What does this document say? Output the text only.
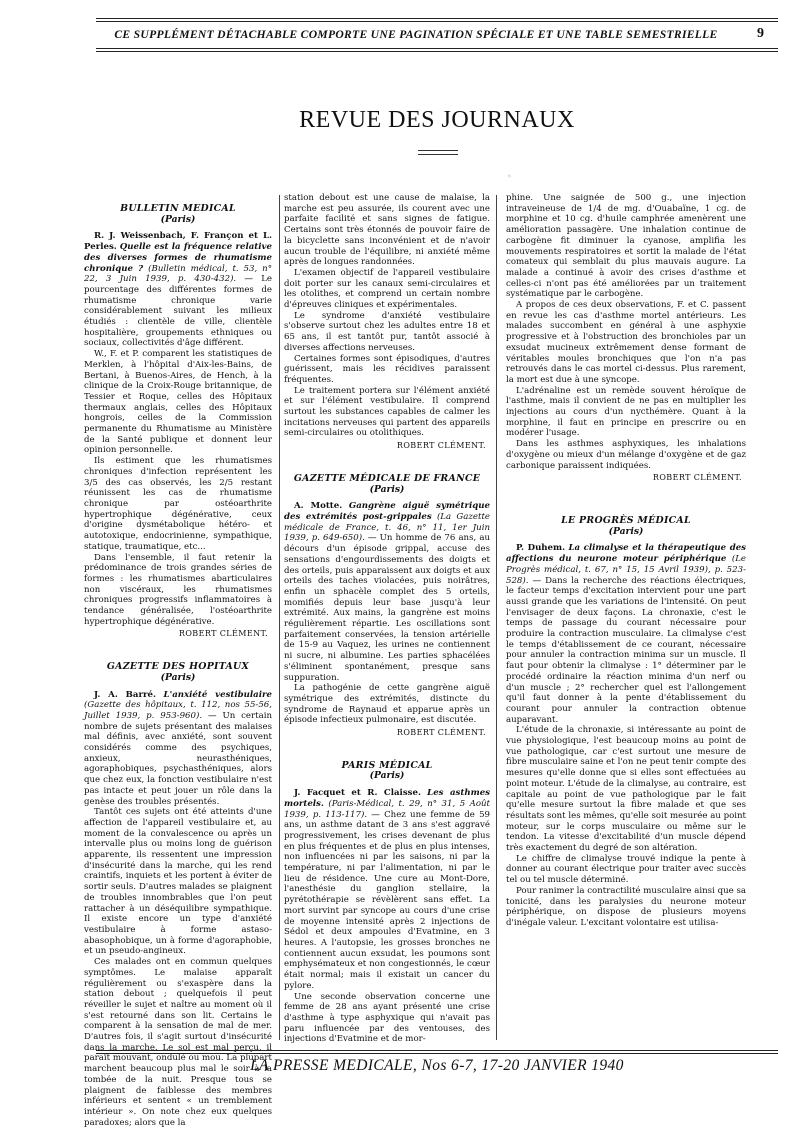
CE SUPPLÉMENT DÉTACHABLE COMPORTE UNE PAGINATION SPÉCIALE ET UNE TABLE SEMESTRIELLE	9
REVUE DES JOURNAUX
◦
BULLETIN MEDICAL
(Paris)

R. J. Weissenbach, F. Françon et L. Perles. Quelle est la fréquence relative des diverses formes de rhumatisme chronique ? (Bulletin médical, t. 53, n° 22, 3 Juin 1939, p. 430-432). — Le pourcentage des différentes formes de rhumatisme chronique varie considérablement suivant les milieux étudiés : clientèle de ville, clientèle hospitalière, groupements ethniques ou sociaux, collectivités d'âge différent.

W., F. et P. comparent les statistiques de Merklen, à l'hôpital d'Aix-les-Bains, de Bertani, à Buenos-Aires, de Hench, à la clinique de la Croix-Rouge britannique, de Tessier et Roque, celles des Hôpitaux thermaux anglais, celles des Hôpitaux hongrois, celles de la Commission permanente du Rhumatisme au Ministère de la Santé publique et donnent leur opinion personnelle.

Ils estiment que les rhumatismes chroniques d'infection représentent les 3/5 des cas observés, les 2/5 restant réunissent les cas de rhumatisme chronique par ostéoarthrite hypertrophique dégénérative, ceux d'origine dysmétabolique hétéro- et autotoxique, endocrinienne, sympathique, statique, traumatique, etc...

Dans l'ensemble, il faut retenir la prédominance de trois grandes séries de formes : les rhumatismes abarticulaires non viscéraux, les rhumatismes chroniques progressifs inflammatoires à tendance généralisée, l'ostéoarthrite hypertrophique dégénérative.

ROBERT CLÉMENT.
GAZETTE DES HOPITAUX
(Paris)

J. A. Barré. L'anxiété vestibulaire (Gazette des hôpitaux, t. 112, nos 55-56, Juillet 1939, p. 953-960). — Un certain nombre de sujets présentant des malaises mal définis, avec anxiété, sont souvent considérés comme des psychiques, anxieux, neurasthéniques, agoraphobiques, psychasthéniques, alors que chez eux, la fonction vestibulaire n'est pas intacte et peut jouer un rôle dans la genèse des troubles présentés.

Tantôt ces sujets ont été atteints d'une affection de l'appareil vestibulaire et, au moment de la convalescence ou après un intervalle plus ou moins long de guérison apparente, ils ressentent une impression d'insécurité dans la marche, qui les rend craintifs, inquiets et les portent à éviter de sortir seuls. D'autres malades se plaignent de troubles innombrables que l'on peut rattacher à un déséquilibre sympathique. Il existe encore un type d'anxiété vestibulaire à forme astaso-abasophobique, un à forme d'agoraphobie, et un pseudo-angineux.

Ces malades ont en commun quelques symptômes. Le malaise apparaît régulièrement ou s'exaspère dans la station debout ; quelquefois il peut réveiller le sujet et naître au moment où il s'est retourné dans son lit. Certains le comparent à la sensation de mal de mer. D'autres fois, il s'agit surtout d'insécurité dans la marche. Le sol est mal perçu, il paraît mouvant, ondulé ou mou. La plupart marchent beaucoup plus mal le soir à la tombée de la nuit. Presque tous se plaignent de faiblesse des membres inférieurs et sentent « un tremblement intérieur ». On note chez eux quelques paradoxes; alors que la

station debout est une cause de malaise, la marche est peu assurée, ils courent avec une parfaite facilité et sans signes de fatigue. Certains sont très étonnés de pouvoir faire de la bicyclette sans inconvénient et de n'avoir aucun trouble de l'équilibre, ni anxiété même après de longues randonnées.

L'examen objectif de l'appareil vestibulaire doit porter sur les canaux semi-circulaires et les otolithes, et comprend un certain nombre d'épreuves cliniques et expérimentales.

Le syndrome d'anxiété vestibulaire s'observe surtout chez les adultes entre 18 et 65 ans, il est tantôt pur, tantôt associé à diverses affections nerveuses.

Certaines formes sont épisodiques, d'autres guérissent, mais les récidives paraissent fréquentes.

Le traitement portera sur l'élément anxiété et sur l'élément vestibulaire. Il comprend surtout les substances capables de calmer les incitations nerveuses qui partent des appareils semi-circulaires ou otolithiques.

ROBERT CLÉMENT.
GAZETTE MÉDICALE DE FRANCE
(Paris)

A. Motte. Gangrène aiguë symétrique des extrémités post-grippales (La Gazette médicale de France, t. 46, n° 11, 1er Juin 1939, p. 649-650). — Un homme de 76 ans, au décours d'un épisode grippal, accuse des sensations d'engourdissements des doigts et des orteils, puis apparaissent aux doigts et aux orteils des taches violacées, puis noirâtres, enfin un sphacèle complet des 5 orteils, momifiés depuis leur base jusqu'à leur extrémité. Aux mains, la gangrène est moins régulièrement répartie. Les oscillations sont parfaitement conservées, la tension artérielle de 15-9 au Vaquez, les urines ne contiennent ni sucre, ni albumine. Les parties sphacélées s'éliminent spontanément, presque sans suppuration.

La pathogénie de cette gangrène aiguë symétrique des extrémités, distincte du syndrome de Raynaud et apparue après un épisode infectieux pulmonaire, est discutée.

ROBERT CLÉMENT.
PARIS MÉDICAL
(Paris)

J. Facquet et R. Claisse. Les asthmes mortels. (Paris-Médical, t. 29, n° 31, 5 Août 1939, p. 113-117). — Chez une femme de 59 ans, un asthme datant de 3 ans s'est aggravé progressivement, les crises devenant de plus en plus fréquentes et de plus en plus intenses, non influencées ni par les saisons, ni par la température, ni par l'alimentation, ni par le lieu de résidence. Une cure au Mont-Dore, l'anesthésie du ganglion stellaire, la pyrétothérapie se révèlèrent sans effet. La mort survint par syncope au cours d'une crise de moyenne intensité après 2 injections de Sédol et deux ampoules d'Evatmine, en 3 heures. A l'autopsie, les grosses bronches ne contiennent aucun exsudat, les poumons sont emphysémateux et non congestionnés, le cœur était normal; mais il existait un cancer du pylore.

Une seconde observation concerne une femme de 28 ans ayant présenté une crise d'asthme à type asphyxique qui n'avait pas paru influencée par des ventouses, des injections d'Evatmine et de mor-

phine. Une saignée de 500 g., une injection intraveineuse de 1/4 de mg. d'Ouabaïne, 1 cg. de morphine et 10 cg. d'huile camphrée amenèrent une amélioration passagère. Une inhalation continue de carbogène fit diminuer la cyanose, amplifia les mouvements respiratoires et sortit la malade de l'état comateux qui semblait du plus mauvais augure. La malade a continué à avoir des crises d'asthme et celles-ci n'ont pas été améliorées par un traitement systématique par le carbogène.

A propos de ces deux observations, F. et C. passent en revue les cas d'asthme mortel antérieurs. Les malades succombent en général à une asphyxie progressive et à l'obstruction des bronchioles par un exsudat mucineux extrêmement dense formant de véritables moules bronchiques que l'on n'a pas retrouvés dans le cas mortel ci-dessus. Plus rarement, la mort est due à une syncope.

L'adrénaline est un remède souvent héroïque de l'asthme, mais il convient de ne pas en multiplier les injections au cours d'un nycthémère. Quant à la morphine, il faut en principe en prescrire ou en modérer l'usage.

Dans les asthmes asphyxiques, les inhalations d'oxygène ou mieux d'un mélange d'oxygène et de gaz carbonique paraissent indiquées.

ROBERT CLÉMENT.
LE PROGRÈS MÉDICAL
(Paris)

P. Duhem. La climalyse et la thérapeutique des affections du neurone moteur périphérique (Le Progrès médical, t. 67, n° 15, 15 Avril 1939), p. 523-528). — Dans la recherche des réactions électriques, le facteur temps d'excitation intervient pour une part aussi grande que les variations de l'intensité. On peut l'envisager de deux façons. La chronaxie, c'est le temps de passage du courant nécessaire pour produire la contraction musculaire. La climalyse c'est le temps d'établissement de ce courant, nécessaire pour annuler la contraction minima sur un muscle. Il faut pour obtenir la climalyse : 1° déterminer par le procédé ordinaire la réaction minima d'un nerf ou d'un muscle ; 2° rechercher quel est l'allongement qu'il faut donner à la pente d'établissement du courant pour annuler la contraction obtenue auparavant.

L'étude de la chronaxie, si intéressante au point de vue physiologique, l'est beaucoup moins au point de vue pathologique, car c'est surtout une mesure de fibre musculaire saine et l'on ne peut tenir compte des mesures qu'elle donne que si elles sont effectuées au point moteur. L'étude de la climalyse, au contraire, est capitale au point de vue pathologique par le fait qu'elle mesure surtout la fibre malade et que ses résultats sont les mêmes, qu'elle soit mesurée au point moteur, sur le corps musculaire ou même sur le tendon. La vitesse d'excitabilité d'un muscle dépend très exactement du degré de son altération.

Le chiffre de climalyse trouvé indique la pente à donner au courant électrique pour traiter avec succès tel ou tel muscle déterminé.

Pour ranimer la contractilité musculaire ainsi que sa tonicité, dans les paralysies du neurone moteur périphérique, on dispose de plusieurs moyens d'inégale valeur. L'excitant volontaire est utilisa-

LA PRESSE MEDICALE, Nos 6-7, 17-20 JANVIER 1940
